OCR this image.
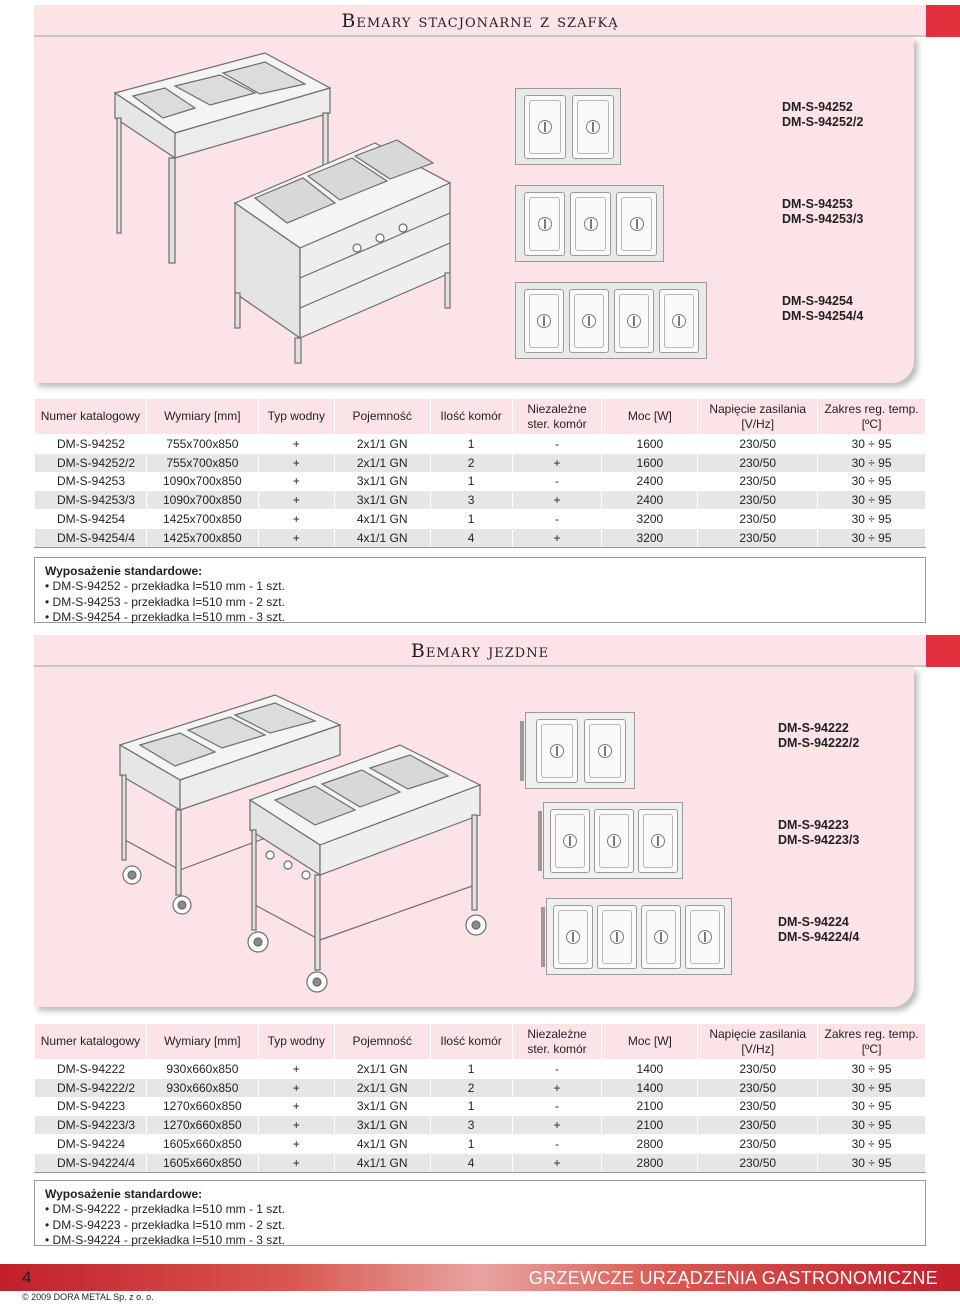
Bemary stacjonarne z szafką
DM-S-94252
DM-S-94252/2
DM-S-94253
DM-S-94253/3
DM-S-94254
DM-S-94254/4
Numer katalogowy	Wymiary [mm]	Typ wodny	Pojemność	Ilość komór	Niezależne ster. komór	Moc [W]	Napięcie zasilania [V/Hz]	Zakres reg. temp. [ºC]
DM-S-94252	755x700x850	+	2x1/1 GN	1	-	1600	230/50	30 ÷ 95
DM-S-94252/2	755x700x850	+	2x1/1 GN	2	+	1600	230/50	30 ÷ 95
DM-S-94253	1090x700x850	+	3x1/1 GN	1	-	2400	230/50	30 ÷ 95
DM-S-94253/3	1090x700x850	+	3x1/1 GN	3	+	2400	230/50	30 ÷ 95
DM-S-94254	1425x700x850	+	4x1/1 GN	1	-	3200	230/50	30 ÷ 95
DM-S-94254/4	1425x700x850	+	4x1/1 GN	4	+	3200	230/50	30 ÷ 95
Wyposażenie standardowe:
• DM-S-94252 - przekładka l=510 mm - 1 szt.
• DM-S-94253 - przekładka l=510 mm - 2 szt.
• DM-S-94254 - przekładka l=510 mm - 3 szt.
Bemary jezdne
DM-S-94222
DM-S-94222/2
DM-S-94223
DM-S-94223/3
DM-S-94224
DM-S-94224/4
Numer katalogowy	Wymiary [mm]	Typ wodny	Pojemność	Ilość komór	Niezależne ster. komór	Moc [W]	Napięcie zasilania [V/Hz]	Zakres reg. temp. [ºC]
DM-S-94222	930x660x850	+	2x1/1 GN	1	-	1400	230/50	30 ÷ 95
DM-S-94222/2	930x660x850	+	2x1/1 GN	2	+	1400	230/50	30 ÷ 95
DM-S-94223	1270x660x850	+	3x1/1 GN	1	-	2100	230/50	30 ÷ 95
DM-S-94223/3	1270x660x850	+	3x1/1 GN	3	+	2100	230/50	30 ÷ 95
DM-S-94224	1605x660x850	+	4x1/1 GN	1	-	2800	230/50	30 ÷ 95
DM-S-94224/4	1605x660x850	+	4x1/1 GN	4	+	2800	230/50	30 ÷ 95
Wyposażenie standardowe:
• DM-S-94222 - przekładka l=510 mm - 1 szt.
• DM-S-94223 - przekładka l=510 mm - 2 szt.
• DM-S-94224 - przekładka l=510 mm - 3 szt.
4	GRZEWCZE URZĄDZENIA GASTRONOMICZNE
© 2009 DORA METAL Sp. z o. o.
